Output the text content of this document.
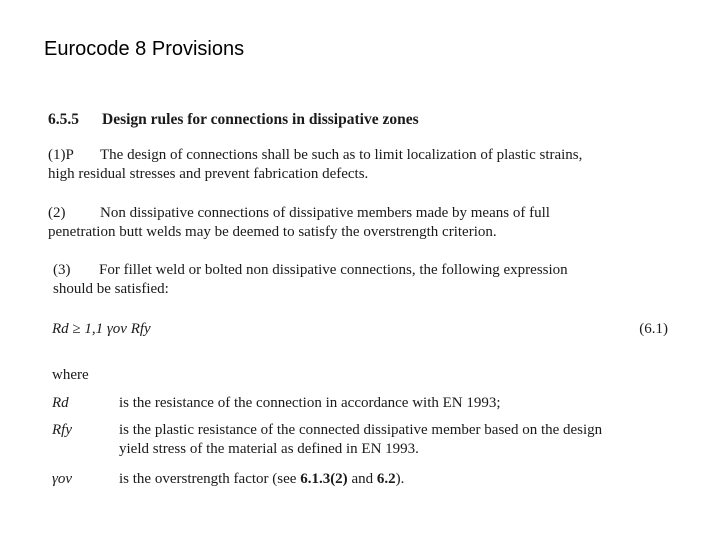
Eurocode 8 Provisions
6.5.5 Design rules for connections in dissipative zones
(1)P The design of connections shall be such as to limit localization of plastic strains,
high residual stresses and prevent fabrication defects.
(2) Non dissipative connections of dissipative members made by means of full
penetration butt welds may be deemed to satisfy the overstrength criterion.
(3) For fillet weld or bolted non dissipative connections, the following expression
should be satisfied:
Rd ≥ 1,1 γov Rfy	(6.1)
where
Rd	is the resistance of the connection in accordance with EN 1993;
Rfy	is the plastic resistance of the connected dissipative member based on the design
yield stress of the material as defined in EN 1993.
γov	is the overstrength factor (see 6.1.3(2) and 6.2).
